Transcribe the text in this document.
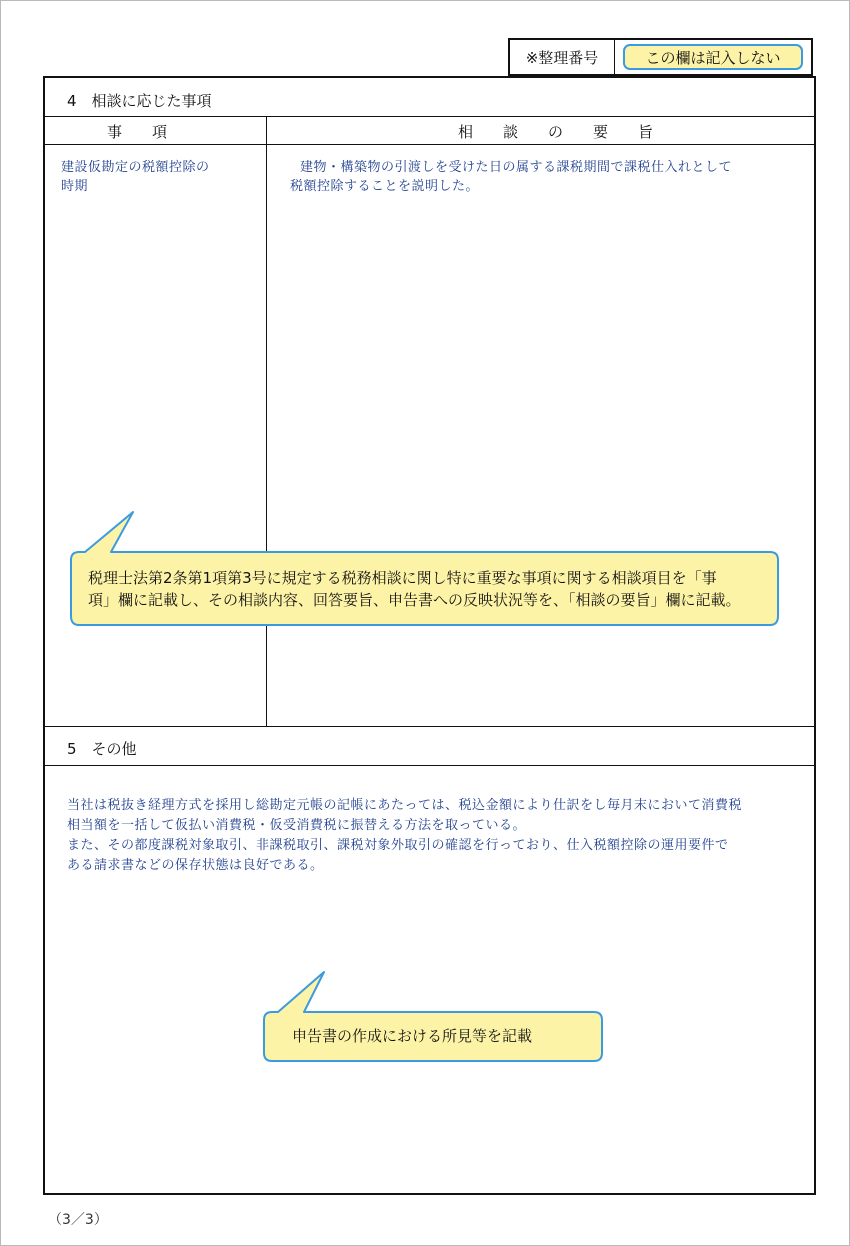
※整理番号	この欄は記入しない
4　相談に応じた事項
事　　項	相　　談　　の　　要　　旨
建設仮勘定の税額控除の
時期
建物・構築物の引渡しを受けた日の属する課税期間で課税仕入れとして
税額控除することを説明した。
5　その他
当社は税抜き経理方式を採用し総勘定元帳の記帳にあたっては、税込金額により仕訳をし毎月末において消費税
相当額を一括して仮払い消費税・仮受消費税に振替える方法を取っている。
また、その都度課税対象取引、非課税取引、課税対象外取引の確認を行っており、仕入税額控除の運用要件で
ある請求書などの保存状態は良好である。
税理士法第2条第1項第3号に規定する税務相談に関し特に重要な事項に関する相談項目を「事
項」欄に記載し、その相談内容、回答要旨、申告書への反映状況等を、「相談の要旨」欄に記載。
申告書の作成における所見等を記載
（3／3）
